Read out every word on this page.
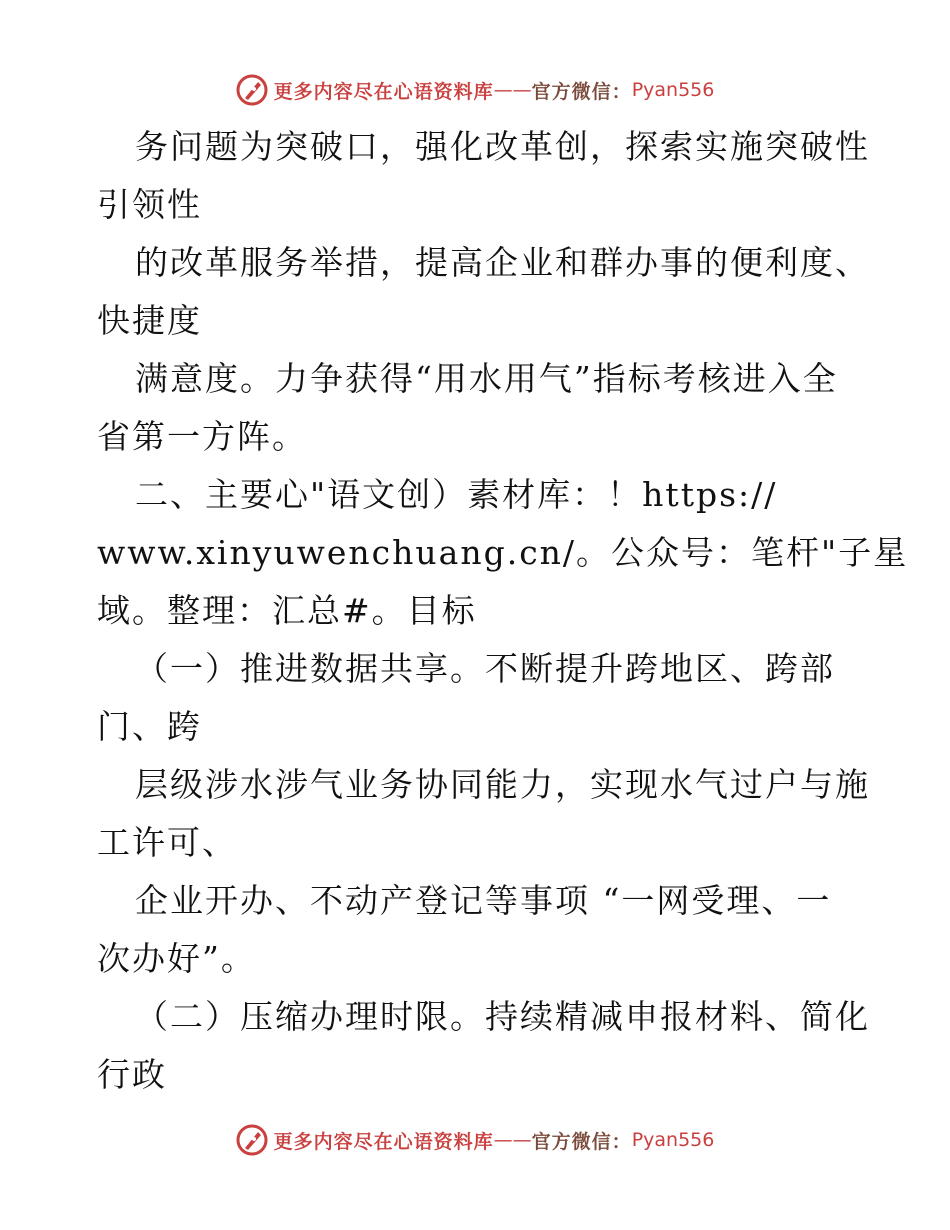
更多内容尽在心语资料库 —— 官方微信： Pyan556
务问题为突破口，强化改革创，探索实施突破性
引领性
的改革服务举措，提高企业和群办事的便利度、
快捷度
满意度。力争获得“用水用气”指标考核进入全
省第一方阵。
二、主要心"语文创）素材库：！https://
www.xinyuwenchuang.cn/。公众号：笔杆"子星
域。整理：汇总#。目标
（一）推进数据共享。不断提升跨地区、跨部
门、跨
层级涉水涉气业务协同能力，实现水气过户与施
工许可、
企业开办、不动产登记等事项 “一网受理、一
次办好”。
（二）压缩办理时限。持续精减申报材料、简化
行政
更多内容尽在心语资料库 —— 官方微信： Pyan556
